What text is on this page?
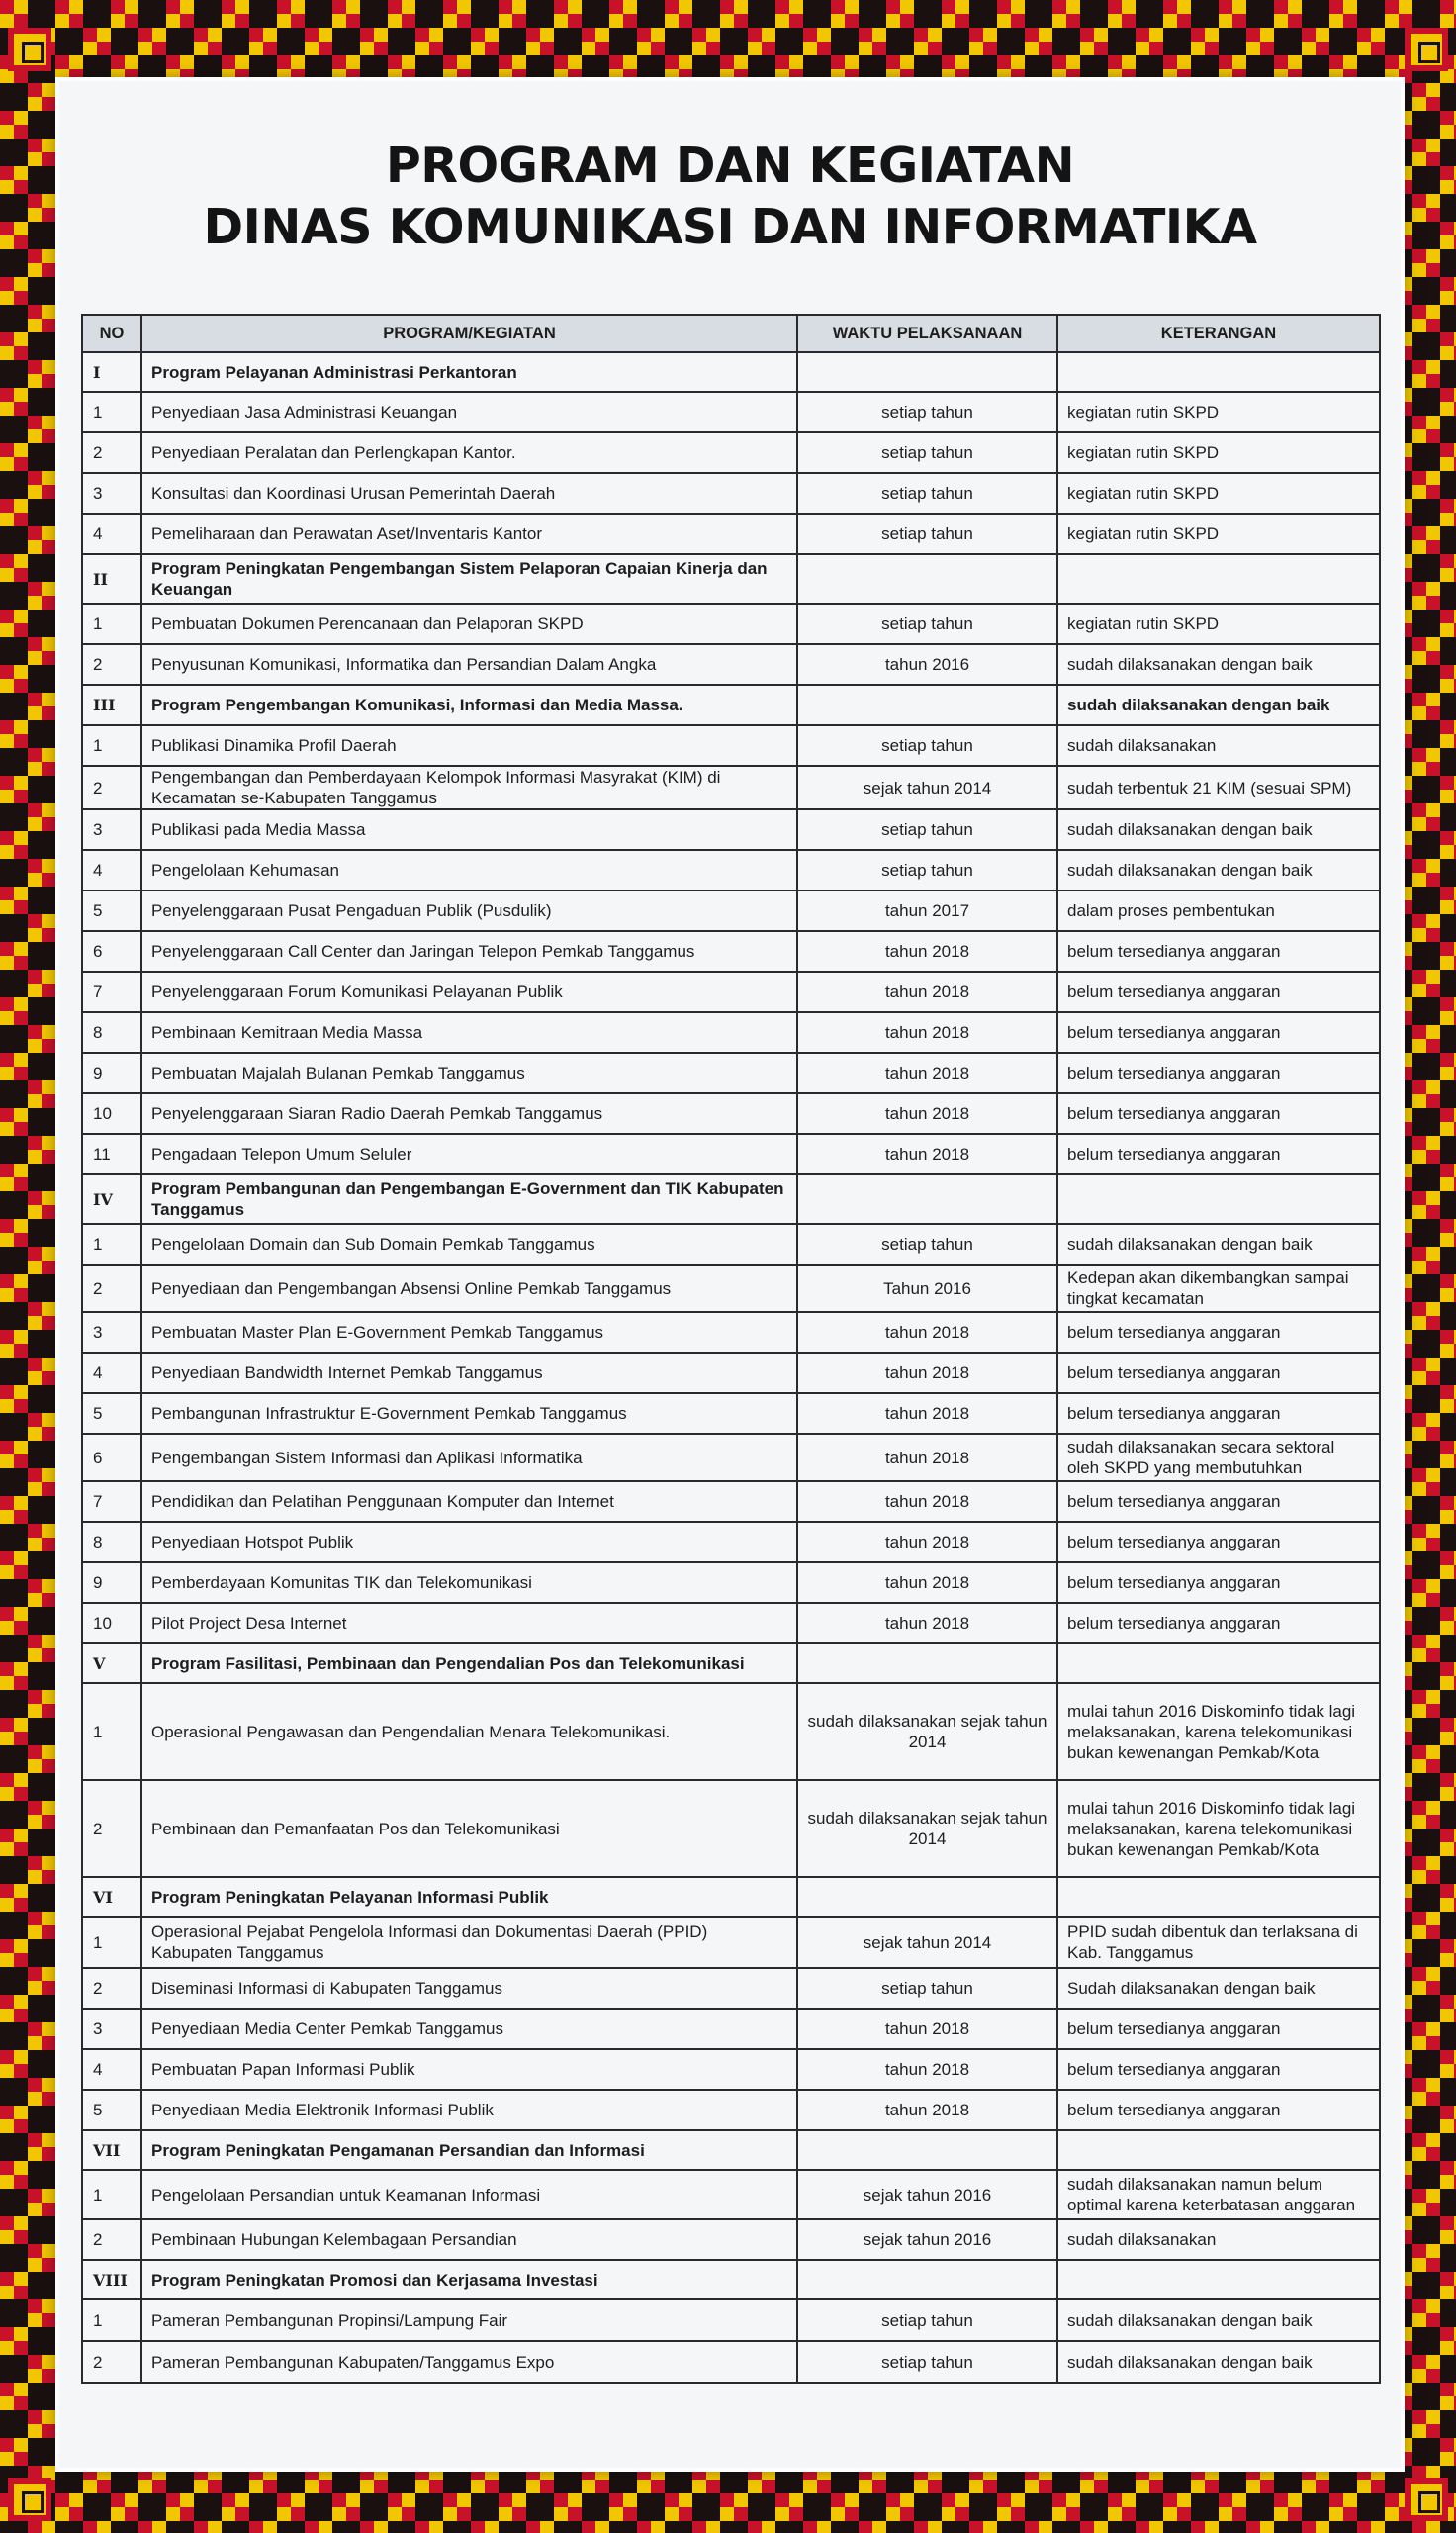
PROGRAM DAN KEGIATAN
DINAS KOMUNIKASI DAN INFORMATIKA
NO	PROGRAM/KEGIATAN	WAKTU PELAKSANAAN	KETERANGAN
I	Program Pelayanan Administrasi Perkantoran		
1	Penyediaan Jasa Administrasi Keuangan	setiap tahun	kegiatan rutin SKPD
2	Penyediaan Peralatan dan Perlengkapan Kantor.	setiap tahun	kegiatan rutin SKPD
3	Konsultasi dan Koordinasi Urusan Pemerintah Daerah	setiap tahun	kegiatan rutin SKPD
4	Pemeliharaan dan Perawatan Aset/Inventaris Kantor	setiap tahun	kegiatan rutin SKPD
II	Program Peningkatan Pengembangan Sistem Pelaporan Capaian Kinerja dan Keuangan		
1	Pembuatan Dokumen Perencanaan dan Pelaporan SKPD	setiap tahun	kegiatan rutin SKPD
2	Penyusunan Komunikasi, Informatika dan Persandian Dalam Angka	tahun 2016	sudah dilaksanakan dengan baik
III	Program Pengembangan Komunikasi, Informasi dan Media Massa.		sudah dilaksanakan dengan baik
1	Publikasi Dinamika Profil Daerah	setiap tahun	sudah dilaksanakan
2	Pengembangan dan Pemberdayaan Kelompok Informasi Masyrakat (KIM) di Kecamatan se-Kabupaten Tanggamus	sejak tahun 2014	sudah terbentuk 21 KIM (sesuai SPM)
3	Publikasi pada Media Massa	setiap tahun	sudah dilaksanakan dengan baik
4	Pengelolaan Kehumasan	setiap tahun	sudah dilaksanakan dengan baik
5	Penyelenggaraan Pusat Pengaduan Publik (Pusdulik)	tahun 2017	dalam proses pembentukan
6	Penyelenggaraan Call Center dan Jaringan Telepon Pemkab Tanggamus	tahun 2018	belum tersedianya anggaran
7	Penyelenggaraan Forum Komunikasi Pelayanan Publik	tahun 2018	belum tersedianya anggaran
8	Pembinaan Kemitraan Media Massa	tahun 2018	belum tersedianya anggaran
9	Pembuatan Majalah Bulanan Pemkab Tanggamus	tahun 2018	belum tersedianya anggaran
10	Penyelenggaraan Siaran Radio Daerah Pemkab Tanggamus	tahun 2018	belum tersedianya anggaran
11	Pengadaan Telepon Umum Seluler	tahun 2018	belum tersedianya anggaran
IV	Program Pembangunan dan Pengembangan E-Government dan TIK Kabupaten Tanggamus		
1	Pengelolaan Domain dan Sub Domain Pemkab Tanggamus	setiap tahun	sudah dilaksanakan dengan baik
2	Penyediaan dan Pengembangan Absensi Online Pemkab Tanggamus	Tahun 2016	Kedepan akan dikembangkan sampai tingkat kecamatan
3	Pembuatan Master Plan E-Government Pemkab Tanggamus	tahun 2018	belum tersedianya anggaran
4	Penyediaan Bandwidth Internet Pemkab Tanggamus	tahun 2018	belum tersedianya anggaran
5	Pembangunan Infrastruktur E-Government Pemkab Tanggamus	tahun 2018	belum tersedianya anggaran
6	Pengembangan Sistem Informasi dan Aplikasi Informatika	tahun 2018	sudah dilaksanakan secara sektoral oleh SKPD yang membutuhkan
7	Pendidikan dan Pelatihan Penggunaan Komputer dan Internet	tahun 2018	belum tersedianya anggaran
8	Penyediaan Hotspot Publik	tahun 2018	belum tersedianya anggaran
9	Pemberdayaan Komunitas TIK dan Telekomunikasi	tahun 2018	belum tersedianya anggaran
10	Pilot Project Desa Internet	tahun 2018	belum tersedianya anggaran
V	Program Fasilitasi, Pembinaan dan Pengendalian Pos dan Telekomunikasi		
1	Operasional Pengawasan dan Pengendalian Menara Telekomunikasi.	sudah dilaksanakan sejak tahun 2014	mulai tahun 2016 Diskominfo tidak lagi melaksanakan, karena telekomunikasi bukan kewenangan Pemkab/Kota
2	Pembinaan dan Pemanfaatan Pos dan Telekomunikasi	sudah dilaksanakan sejak tahun 2014	mulai tahun 2016 Diskominfo tidak lagi melaksanakan, karena telekomunikasi bukan kewenangan Pemkab/Kota
VI	Program Peningkatan Pelayanan Informasi Publik		
1	Operasional Pejabat Pengelola Informasi dan Dokumentasi Daerah (PPID) Kabupaten Tanggamus	sejak tahun 2014	PPID sudah dibentuk dan terlaksana di Kab. Tanggamus
2	Diseminasi Informasi di Kabupaten Tanggamus	setiap tahun	Sudah dilaksanakan dengan baik
3	Penyediaan Media Center Pemkab Tanggamus	tahun 2018	belum tersedianya anggaran
4	Pembuatan Papan Informasi Publik	tahun 2018	belum tersedianya anggaran
5	Penyediaan Media Elektronik Informasi Publik	tahun 2018	belum tersedianya anggaran
VII	Program Peningkatan Pengamanan Persandian dan Informasi		
1	Pengelolaan Persandian untuk Keamanan Informasi	sejak tahun 2016	sudah dilaksanakan namun belum optimal karena keterbatasan anggaran
2	Pembinaan Hubungan Kelembagaan Persandian	sejak tahun 2016	sudah dilaksanakan
VIII	Program Peningkatan Promosi dan Kerjasama Investasi		
1	Pameran Pembangunan Propinsi/Lampung Fair	setiap tahun	sudah dilaksanakan dengan baik
2	Pameran Pembangunan Kabupaten/Tanggamus Expo	setiap tahun	sudah dilaksanakan dengan baik
